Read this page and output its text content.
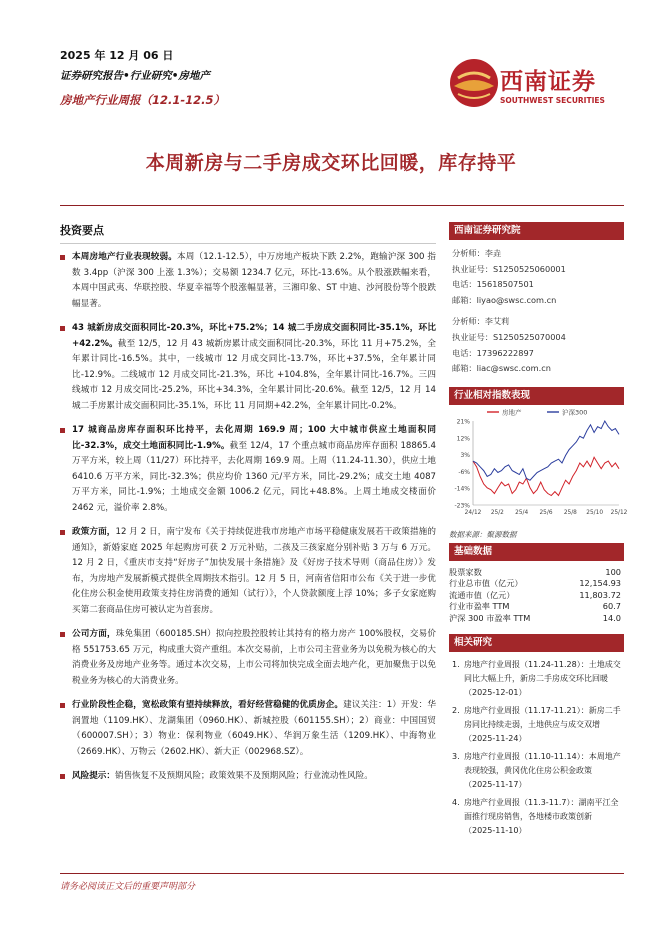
2025 年 12 月 06 日
证券研究报告•行业研究•房地产
房地产行业周报（12.1-12.5）
西南证券
SOUTHWEST SECURITIES
本周新房与二手房成交环比回暖，库存持平
投资要点
本周房地产行业表现较弱。本周（12.1-12.5），中万房地产板块下跌 2.2%，跑输沪深 300 指数 3.4pp（沪深 300 上涨 1.3%）；交易额 1234.7 亿元，环比-13.6%。从个股涨跌幅来看，本周中国武夷、华联控股、华夏幸福等个股涨幅显著，三湘印象、ST 中迪、沙河股份等个股跌幅显著。
43 城新房成交面积同比-20.3%，环比+75.2%；14 城二手房成交面积同比-35.1%，环比+42.2%。截至 12/5，12 月 43 城新房累计成交面积同比-20.3%，环比 11 月+75.2%，全年累计同比-16.5%。其中，一线城市 12 月成交同比-13.7%，环比+37.5%，全年累计同比-12.9%。二线城市 12 月成交同比-21.3%，环比 +104.8%，全年累计同比-16.7%。三四线城市 12 月成交同比-25.2%，环比+34.3%，全年累计同比-20.6%。截至 12/5，12 月 14 城二手房累计成交面积同比-35.1%，环比 11 月同期+42.2%，全年累计同比-0.2%。
17 城商品房库存面积环比持平，去化周期 169.9 周；100 大中城市供应土地面积同比-32.3%，成交土地面积同比-1.9%。截至 12/4，17 个重点城市商品房库存面积 18865.4 万平方米，较上周（11/27）环比持平，去化周期 169.9 周。上周（11.24-11.30），供应土地 6410.6 万平方米，同比-32.3%；供应均价 1360 元/平方米，同比-29.2%；成交土地 4087 万平方米，同比-1.9%；土地成交金额 1006.2 亿元，同比+48.8%。上周土地成交楼面价 2462 元，溢价率 2.8%。
政策方面，12 月 2 日，南宁发布《关于持续促进我市房地产市场平稳健康发展若干政策措施的通知》，新婚家庭 2025 年起购房可获 2 万元补贴，二孩及三孩家庭分别补贴 3 万与 6 万元。12 月 2 日，《重庆市支持“好房子”加快发展十条措施》及《好房子技术导则（商品住房）》发布，为房地产发展新模式提供全周期技术指引。12 月 5 日，河南省信阳市公布《关于进一步优化住房公积金使用政策支持住房消费的通知（试行）》，个人贷款额度上浮 10%；多子女家庭购买第二套商品住房可被认定为首套房。
公司方面，珠免集团（600185.SH）拟向控股控股转让其持有的格力房产 100%股权，交易价格 551753.65 万元，构成重大资产重组。本次交易前，上市公司主营业务为以免税为核心的大消费业务及房地产业务等。通过本次交易，上市公司将加快完成全面去地产化，更加聚焦于以免税业务为核心的大消费业务。
行业阶段性企稳，宽松政策有望持续释放，看好经营稳健的优质房企。建议关注：1）开发：华润置地（1109.HK）、龙湖集团（0960.HK）、新城控股（601155.SH）；2）商业：中国国贸（600007.SH）；3）物业：保利物业（6049.HK）、华润万象生活（1209.HK）、中海物业（2669.HK）、万物云（2602.HK）、新大正（002968.SZ）。
风险提示：销售恢复不及预期风险；政策效果不及预期风险；行业流动性风险。
西南证券研究院
分析师：李垚
执业证号：S1250525060001
电话：15618507501
邮箱：liyao@swsc.com.cn
分析师：李艾莉
执业证号：S1250525070004
电话：17396222897
邮箱：liac@swsc.com.cn
行业相对指数表现
21%
12%
3%
-6%
-14%
-23%
24/12 25/2 25/4 25/6 25/8 25/10 25/12
房地产	沪深300
数据来源：聚源数据
基础数据
股票家数	100
行业总市值（亿元）	12,154.93
流通市值（亿元）	11,803.72
行业市盈率 TTM	60.7
沪深 300 市盈率 TTM	14.0
相关研究
1. 房地产行业周报（11.24-11.28）：土地成交同比大幅上升，新房二手房成交环比回暖 （2025-12-01）
2. 房地产行业周报（11.17-11.21）：新房二手房同比持续走弱，土地供应与成交双增 （2025-11-24）
3. 房地产行业周报（11.10-11.14）：本周地产表现较强，黄冈优化住房公积金政策 （2025-11-17）
4. 房地产行业周报（11.3-11.7）：湖南平江全面推行现房销售，各地楼市政策创新 （2025-11-10）
请务必阅读正文后的重要声明部分
